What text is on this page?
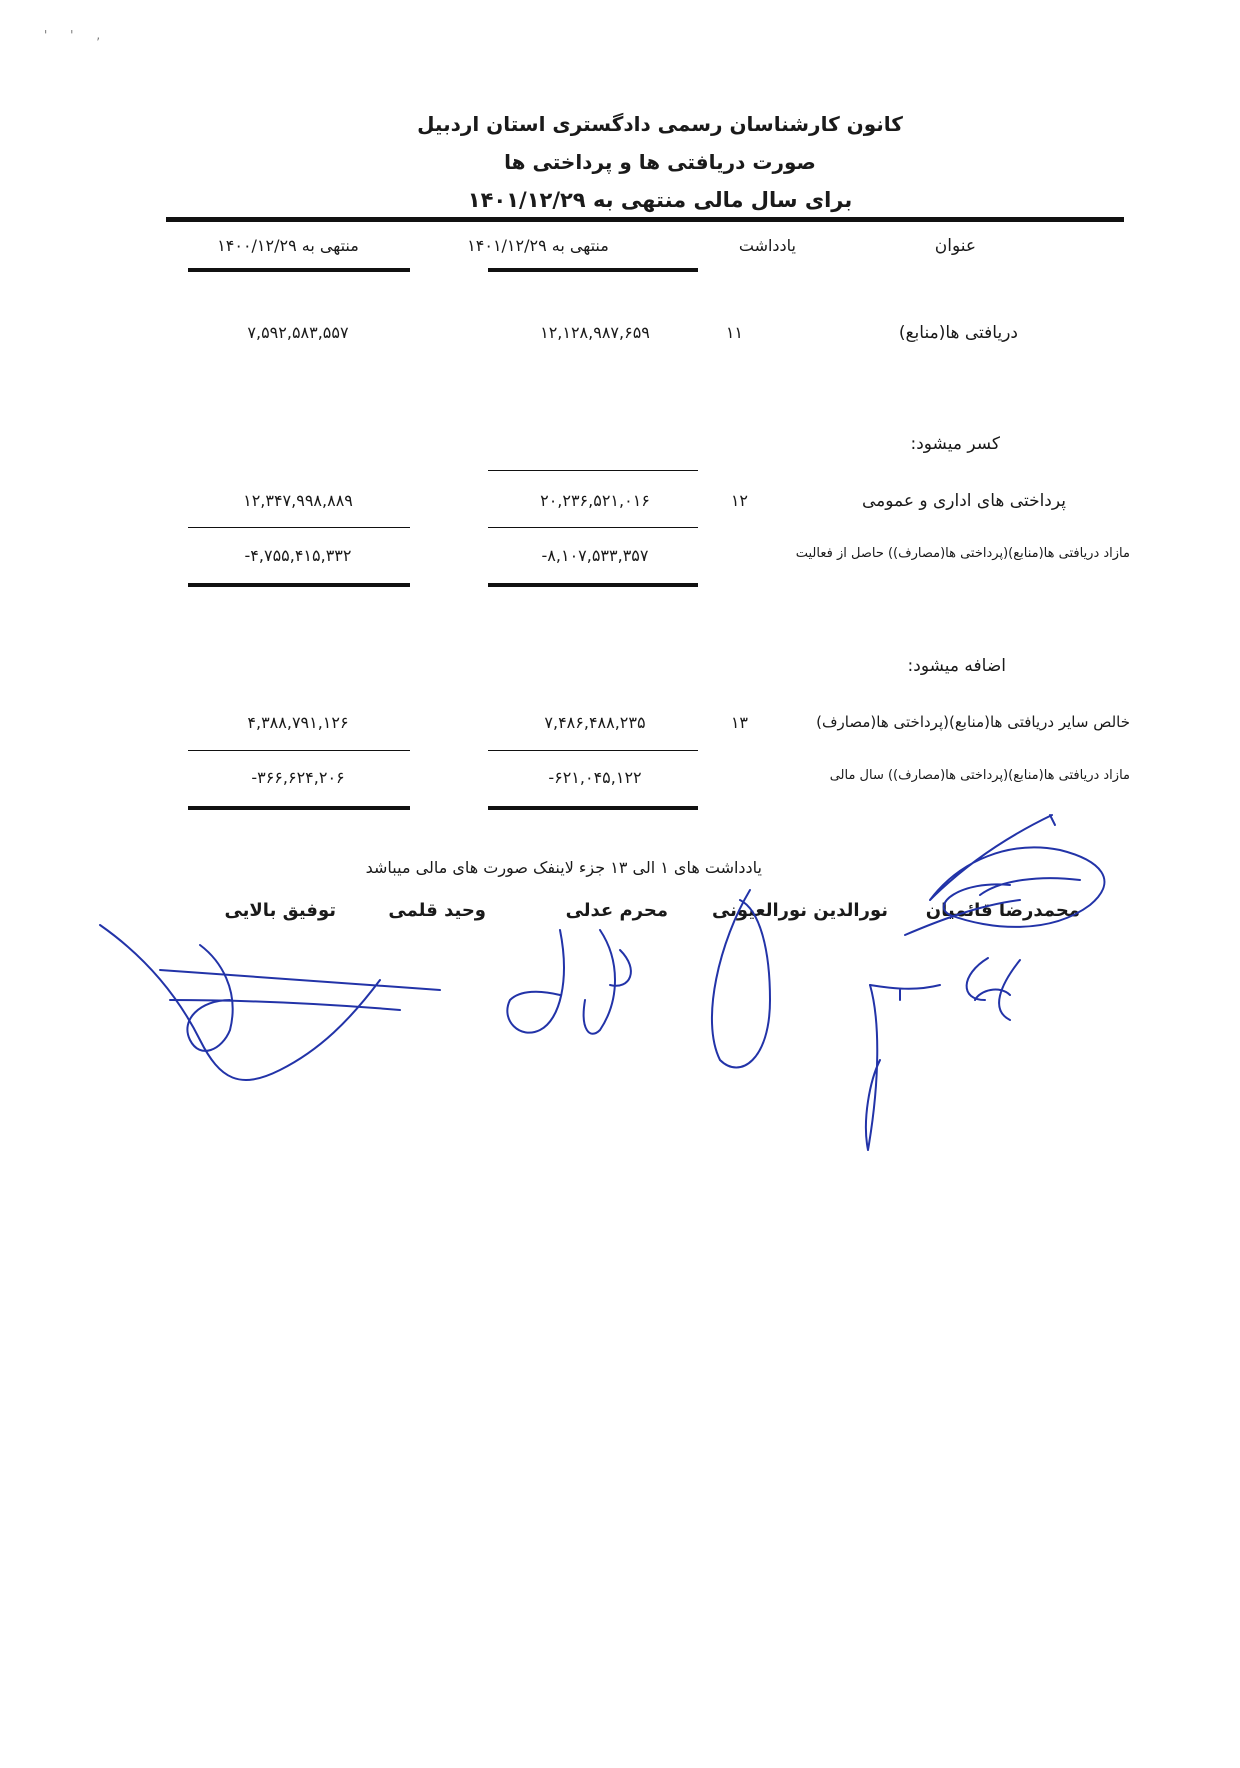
'      '      ,
کانون کارشناسان رسمی دادگستری استان اردبیل
صورت دریافتی ها و پرداختی ها
برای سال مالی منتهی به ۱۴۰۱/۱۲/۲۹
عنوان
یادداشت
منتهی به ۱۴۰۱/۱۲/۲۹
منتهی به ۱۴۰۰/۱۲/۲۹
دریافتی ها(منابع)
۱۱
۱۲,۱۲۸,۹۸۷,۶۵۹
۷,۵۹۲,۵۸۳,۵۵۷
کسر میشود:
پرداختی های اداری و عمومی
۱۲
۲۰,۲۳۶,۵۲۱,۰۱۶
۱۲,۳۴۷,۹۹۸,۸۸۹
مازاد دریافتی ها(منابع)(پرداختی ها(مصارف)) حاصل از فعالیت
-۸,۱۰۷,۵۳۳,۳۵۷
-۴,۷۵۵,۴۱۵,۳۳۲
اضافه میشود:
خالص سایر دریافتی ها(منابع)(پرداختی ها(مصارف)
۱۳
۷,۴۸۶,۴۸۸,۲۳۵
۴,۳۸۸,۷۹۱,۱۲۶
مازاد دریافتی ها(منابع)(پرداختی ها(مصارف)) سال مالی
-۶۲۱,۰۴۵,۱۲۲
-۳۶۶,۶۲۴,۲۰۶
یادداشت های ۱ الی ۱۳ جزء لاینفک صورت های مالی میباشد
محمدرضا قائمیان
نورالدین نورالعیونی
محرم عدلی
وحید قلمی
توفیق بالایی
